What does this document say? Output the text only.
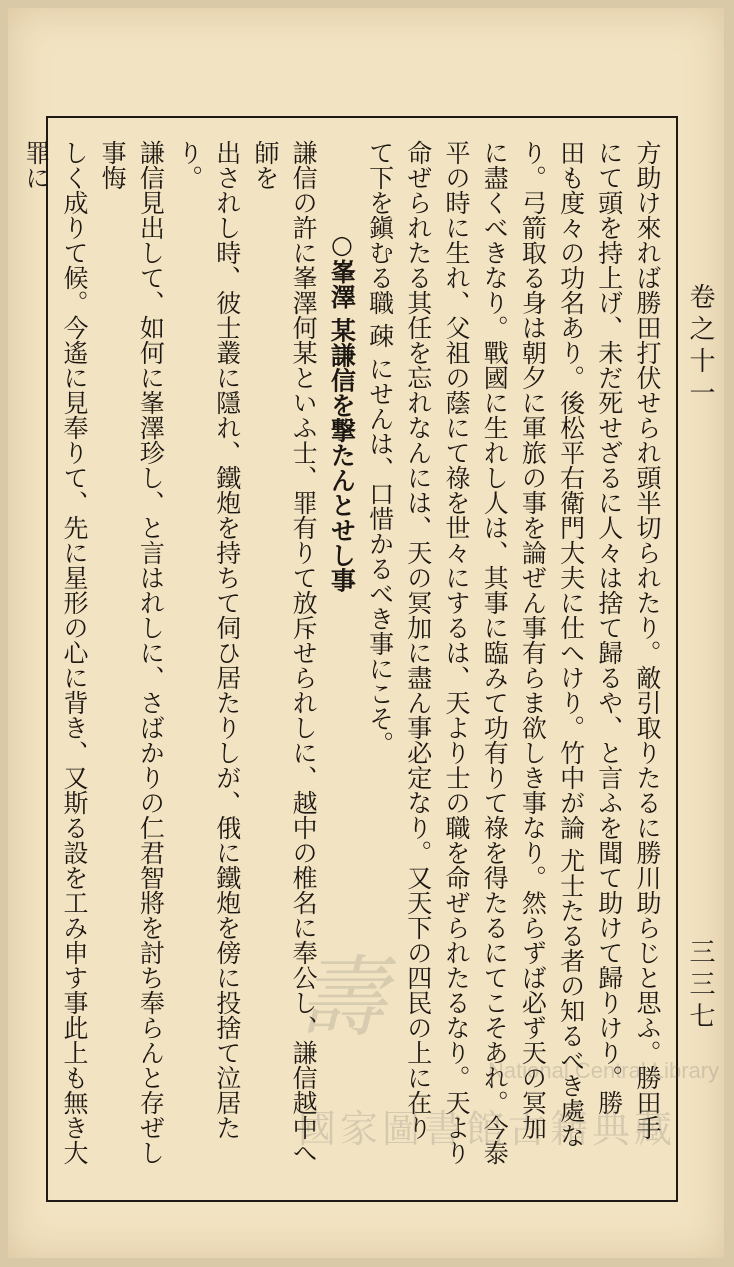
卷之十一
三三七

方助け來れば勝田打伏せられ頭半切られたり。敵引取りたるに勝川助らじと思ふ。勝田手

にて頭を持上げ、未だ死せざるに人々は捨て歸るや、と言ふを聞て助けて歸りけり。勝

田も度々の功名あり。後松平右衛門大夫に仕へけり。竹中が論 尤士たる者の知るべき處な

り。弓箭取る身は朝夕に軍旅の事を論ぜん事有らま欲しき事なり。然らずば必ず天の冥加

に盡くべきなり。戰國に生れし人は、其事に臨みて功有りて祿を得たるにてこそあれ。今泰

平の時に生れ、父祖の蔭にて祿を世々にするは、天より士の職を命ぜられたるなり。天より

命ぜられたる其任を忘れなんには、天の冥加に盡ん事必定なり。又天下の四民の上に在り

て下を鎭むる職 疎 にせんは、口惜かるべき事にこそ。

○峯澤 某謙信を撃たんとせし事

謙信の許に峯澤何某といふ士、罪有りて放斥せられしに、越中の椎名に奉公し、謙信越中へ師を

出されし時、彼士叢に隱れ、鐵炮を持ちて伺ひ居たりしが、俄に鐵炮を傍に投捨て泣居たり。

謙信見出して、如何に峯澤珍し、と言はれしに、さばかりの仁君智將を討ち奉らんと存ぜし事悔

しく成りて候。今遙に見奉りて、先に星形の心に背き、又斯る設を工み申す事此上も無き大罪に

壽
National Central Library
國家圖書館古籍典藏
